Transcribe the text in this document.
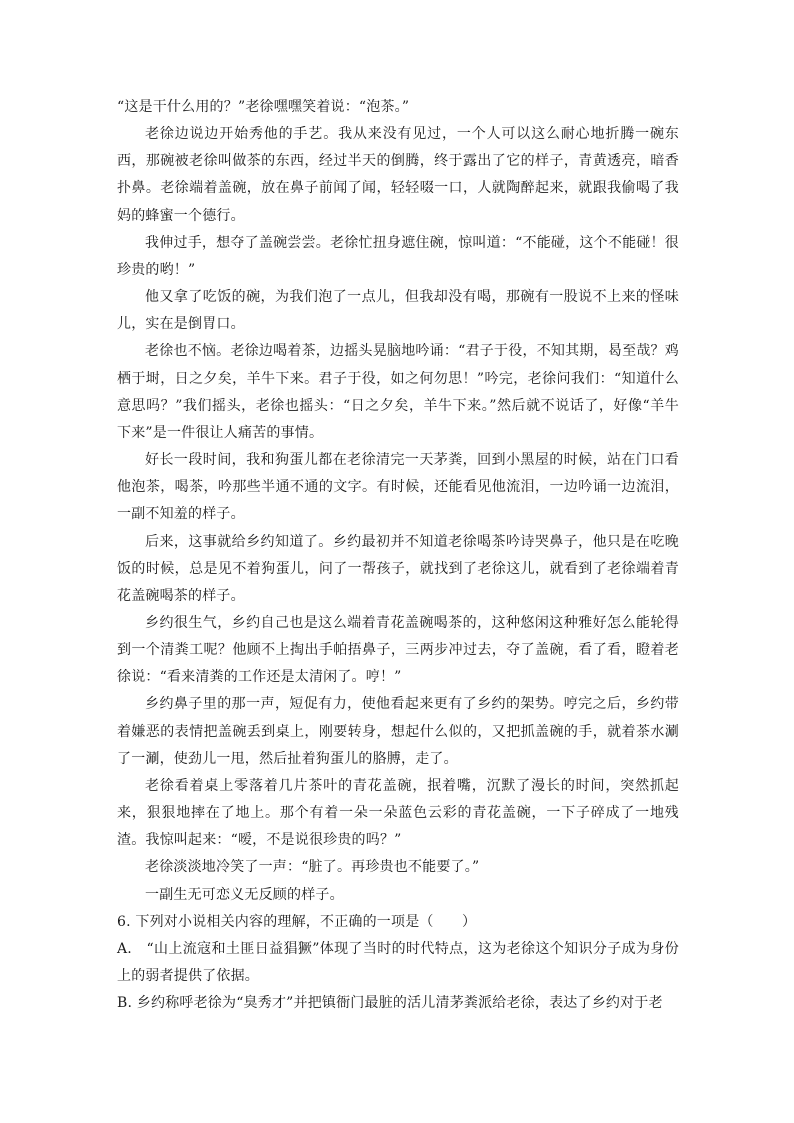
“这是干什么用的？”老徐嘿嘿笑着说：“泡茶。”

老徐边说边开始秀他的手艺。我从来没有见过，一个人可以这么耐心地折腾一碗东西，那碗被老徐叫做茶的东西，经过半天的倒腾，终于露出了它的样子，青黄透亮，暗香扑鼻。老徐端着盖碗，放在鼻子前闻了闻，轻轻啜一口，人就陶醉起来，就跟我偷喝了我妈的蜂蜜一个德行。

我伸过手，想夺了盖碗尝尝。老徐忙扭身遮住碗，惊叫道：“不能碰，这个不能碰！很珍贵的哟！”

他又拿了吃饭的碗，为我们泡了一点儿，但我却没有喝，那碗有一股说不上来的怪味儿，实在是倒胃口。

老徐也不恼。老徐边喝着茶，边摇头晃脑地吟诵：“君子于役，不知其期，曷至哉？鸡栖于埘，日之夕矣，羊牛下来。君子于役，如之何勿思！”吟完，老徐问我们：“知道什么意思吗？”我们摇头，老徐也摇头：“日之夕矣，羊牛下来。”然后就不说话了，好像“羊牛下来”是一件很让人痛苦的事情。

好长一段时间，我和狗蛋儿都在老徐清完一天茅粪，回到小黑屋的时候，站在门口看他泡茶，喝茶，吟那些半通不通的文字。有时候，还能看见他流泪，一边吟诵一边流泪，一副不知羞的样子。

后来，这事就给乡约知道了。乡约最初并不知道老徐喝茶吟诗哭鼻子，他只是在吃晚饭的时候，总是见不着狗蛋儿，问了一帮孩子，就找到了老徐这儿，就看到了老徐端着青花盖碗喝茶的样子。

乡约很生气，乡约自己也是这么端着青花盖碗喝茶的，这种悠闲这种雅好怎么能轮得到一个清粪工呢？他顾不上掏出手帕捂鼻子，三两步冲过去，夺了盖碗，看了看，瞪着老徐说：“看来清粪的工作还是太清闲了。哼！”

乡约鼻子里的那一声，短促有力，使他看起来更有了乡约的架势。哼完之后，乡约带着嫌恶的表情把盖碗丢到桌上，刚要转身，想起什么似的，又把抓盖碗的手，就着茶水涮了一涮，使劲儿一甩，然后扯着狗蛋儿的胳膊，走了。

老徐看着桌上零落着几片茶叶的青花盖碗，抿着嘴，沉默了漫长的时间，突然抓起来，狠狠地摔在了地上。那个有着一朵一朵蓝色云彩的青花盖碗，一下子碎成了一地残渣。我惊叫起来：“嗳，不是说很珍贵的吗？”

老徐淡淡地冷笑了一声：“脏了。再珍贵也不能要了。”

一副生无可恋义无反顾的样子。

6. 下列对小说相关内容的理解，不正确的一项是（　　）

A.　“山上流寇和土匪日益猖獗”体现了当时的时代特点，这为老徐这个知识分子成为身份上的弱者提供了依据。

B. 乡约称呼老徐为“臭秀才”并把镇衙门最脏的活儿清茅粪派给老徐，表达了乡约对于老
